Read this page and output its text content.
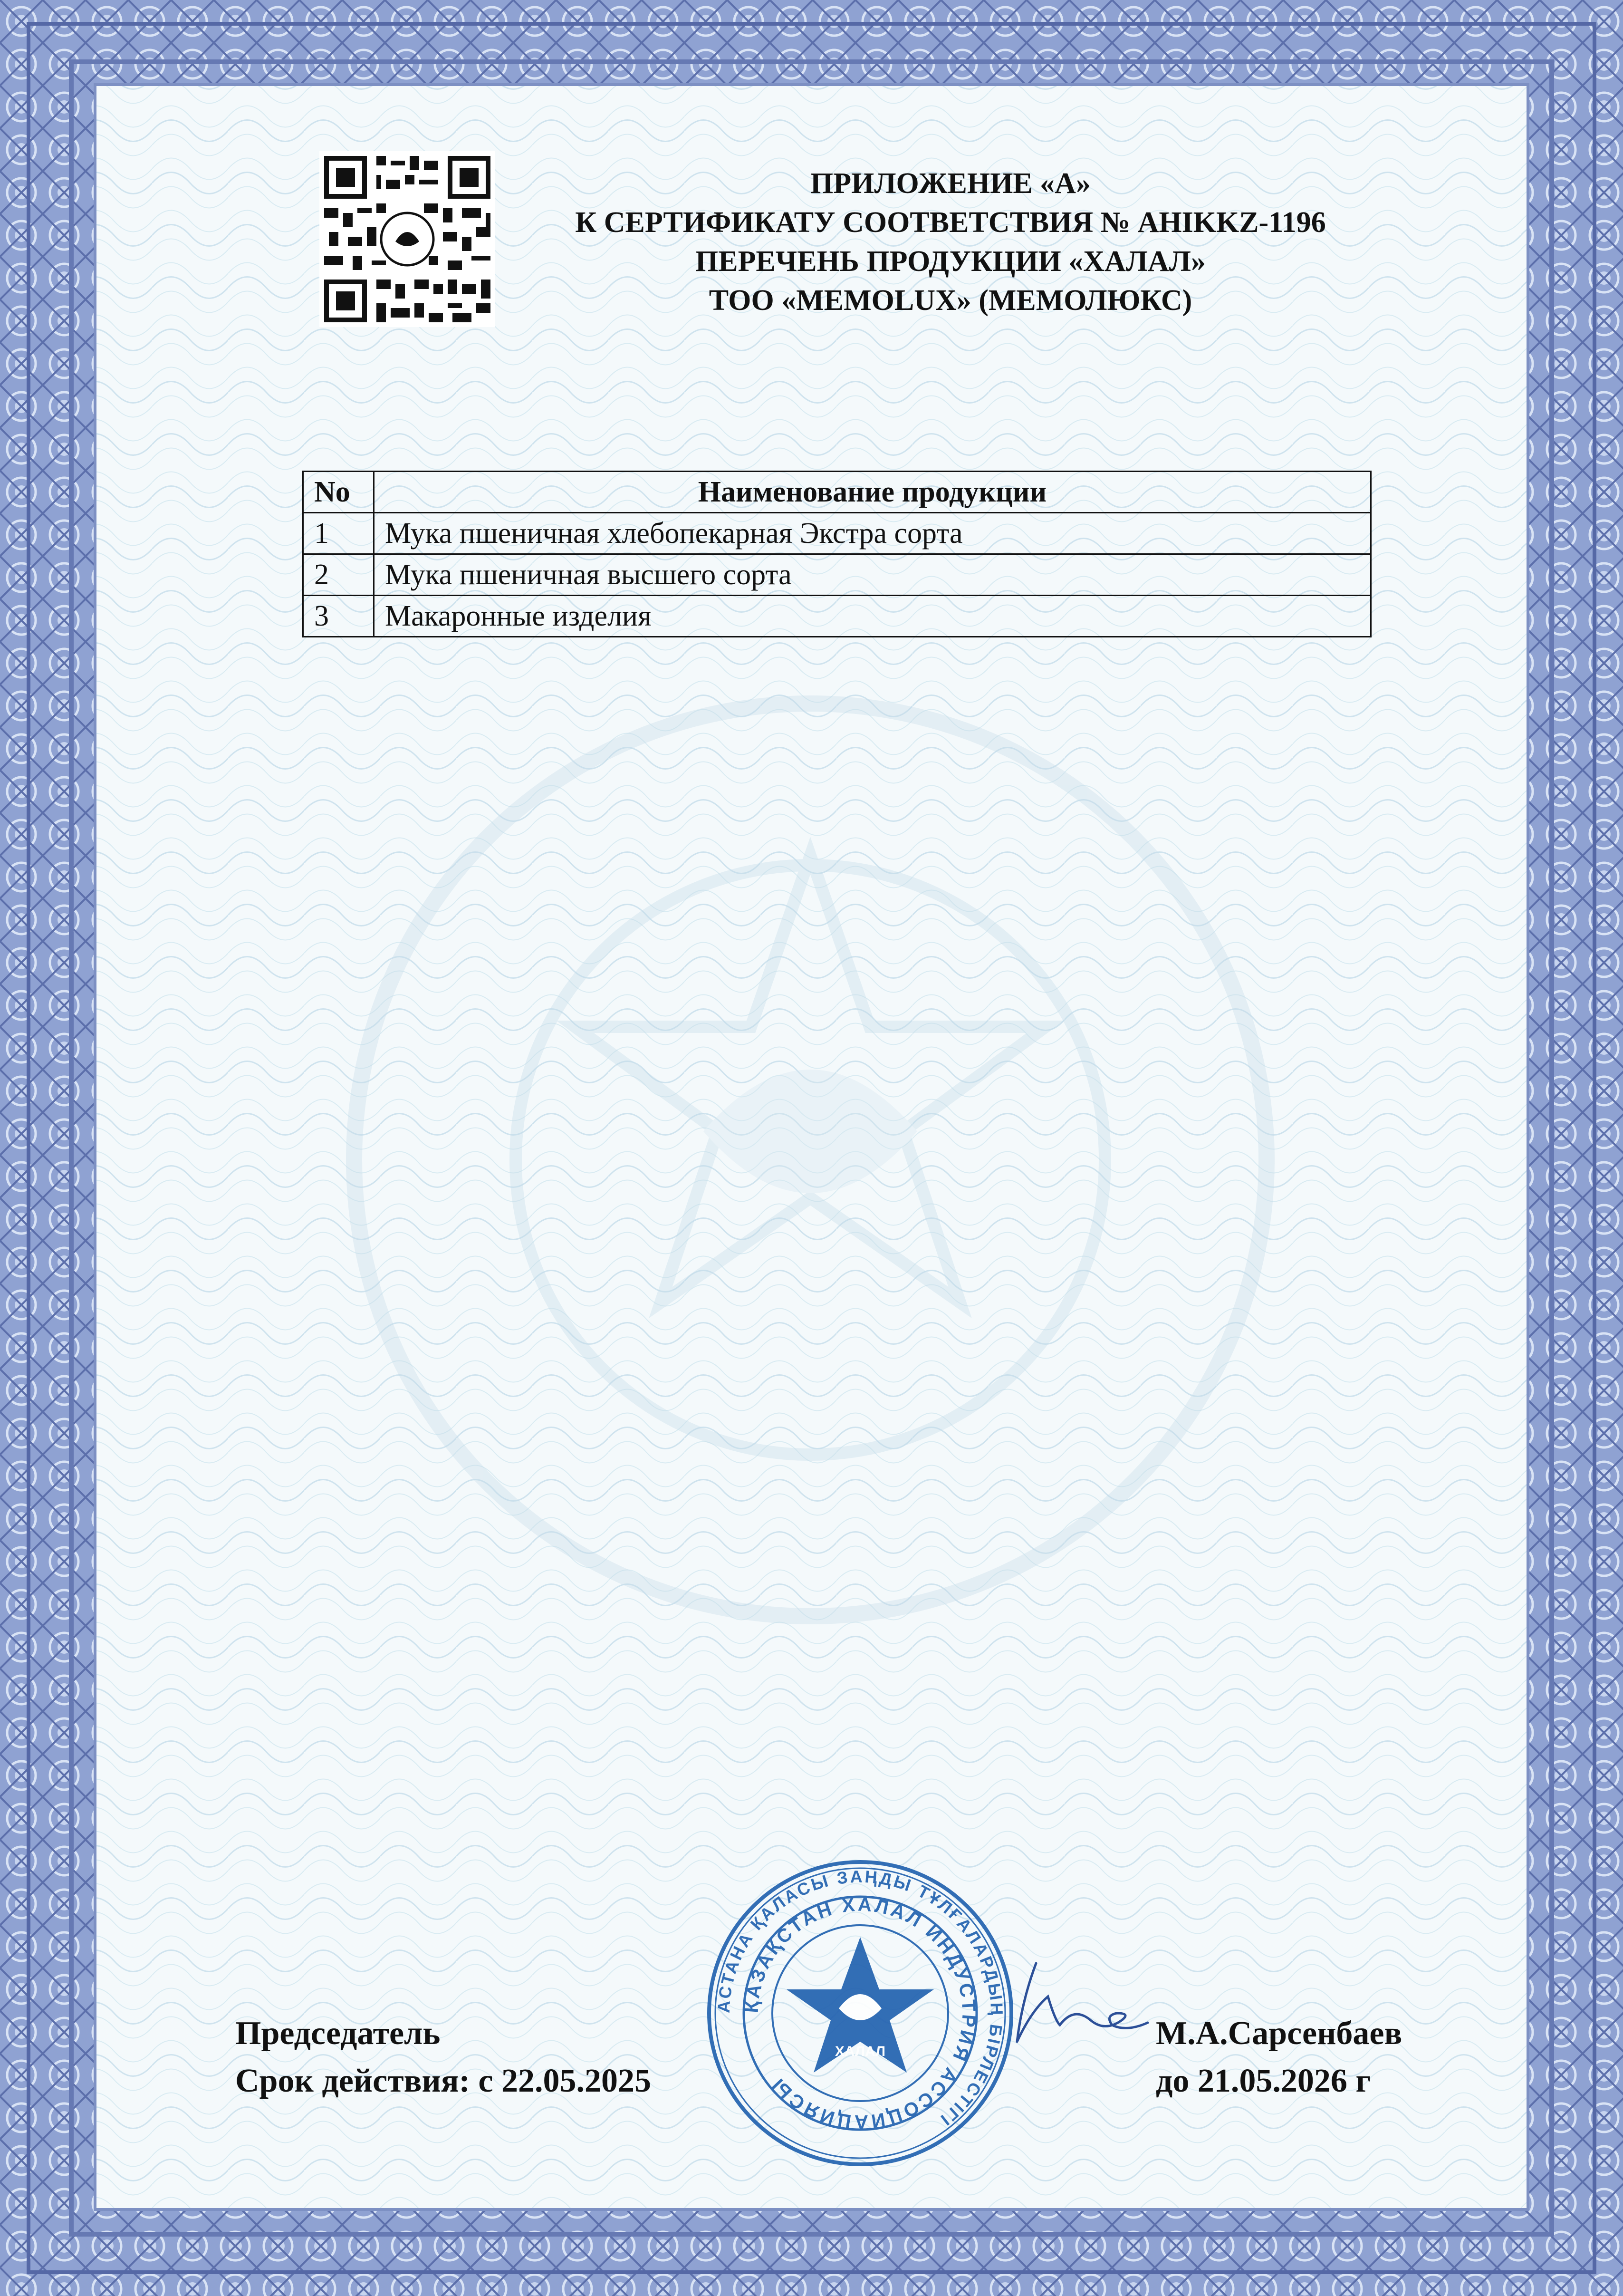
ПРИЛОЖЕНИЕ «А»
К СЕРТИФИКАТУ СООТВЕТСТВИЯ № AHIKKZ-1196
ПЕРЕЧЕНЬ ПРОДУКЦИИ «ХАЛАЛ»
ТОО «MEMOLUX» (МЕМОЛЮКС)
No	Наименование продукции
1	Мука пшеничная хлебопекарная Экстра сорта
2	Мука пшеничная высшего сорта
3	Макаронные изделия
Председатель
Срок действия: с 22.05.2025
М.А.Сарсенбаев
до 21.05.2026 г
АСТАНА ҚАЛАСЫ ЗАҢДЫ ТҰЛҒАЛАРДЫҢ БІРЛЕСТІГІ
ҚАЗАҚСТАН ХАЛАЛ ИНДУСТРИЯ АССОЦИАЦИЯСЫ
ХАЛАЛ
